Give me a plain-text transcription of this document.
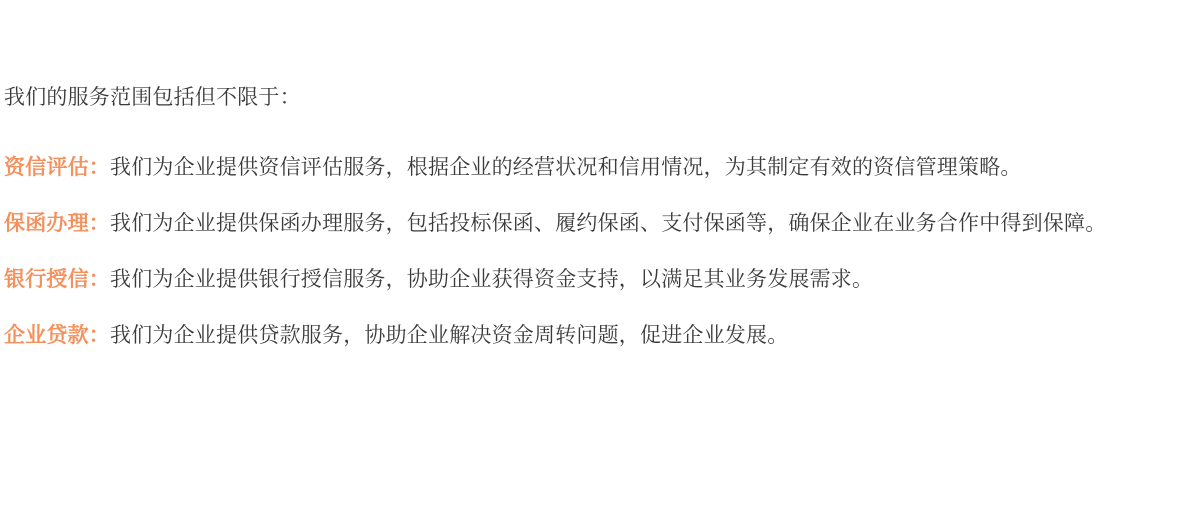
我们的服务范围包括但不限于：

资信评估：我们为企业提供资信评估服务，根据企业的经营状况和信用情况，为其制定有效的资信管理策略。

保函办理：我们为企业提供保函办理服务，包括投标保函、履约保函、支付保函等，确保企业在业务合作中得到保障。

银行授信：我们为企业提供银行授信服务，协助企业获得资金支持，以满足其业务发展需求。

企业贷款：我们为企业提供贷款服务，协助企业解决资金周转问题，促进企业发展。
